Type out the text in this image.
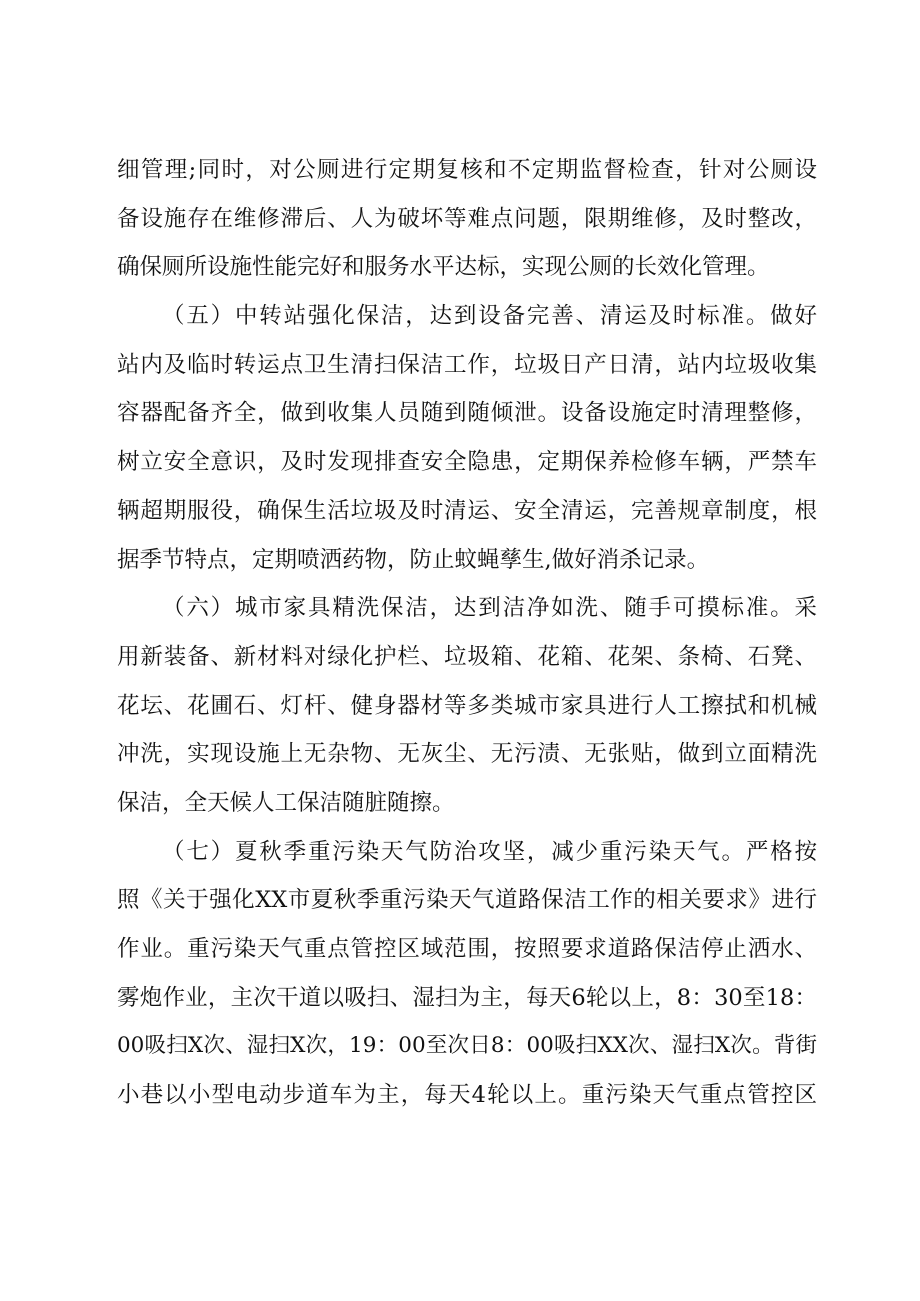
细管理;同时，对公厕进行定期复核和不定期监督检查，针对公厕设
备设施存在维修滞后、人为破坏等难点问题，限期维修，及时整改，
确保厕所设施性能完好和服务水平达标，实现公厕的长效化管理。
（五）中转站强化保洁，达到设备完善、清运及时标准。做好
站内及临时转运点卫生清扫保洁工作，垃圾日产日清，站内垃圾收集
容器配备齐全，做到收集人员随到随倾泄。设备设施定时清理整修，
树立安全意识，及时发现排查安全隐患，定期保养检修车辆，严禁车
辆超期服役，确保生活垃圾及时清运、安全清运，完善规章制度，根
据季节特点，定期喷洒药物，防止蚊蝇孳生,做好消杀记录。
（六）城市家具精洗保洁，达到洁净如洗、随手可摸标准。采
用新装备、新材料对绿化护栏、垃圾箱、花箱、花架、条椅、石凳、
花坛、花圃石、灯杆、健身器材等多类城市家具进行人工擦拭和机械
冲洗，实现设施上无杂物、无灰尘、无污渍、无张贴，做到立面精洗
保洁，全天候人工保洁随脏随擦。
（七）夏秋季重污染天气防治攻坚，减少重污染天气。严格按
照《关于强化XX市夏秋季重污染天气道路保洁工作的相关要求》进行
作业。重污染天气重点管控区域范围，按照要求道路保洁停止洒水、
雾炮作业，主次干道以吸扫、湿扫为主，每天6轮以上，8：30至18：
00吸扫X次、湿扫X次，19：00至次日8：00吸扫XX次、湿扫X次。背街
小巷以小型电动步道车为主，每天4轮以上。重污染天气重点管控区
